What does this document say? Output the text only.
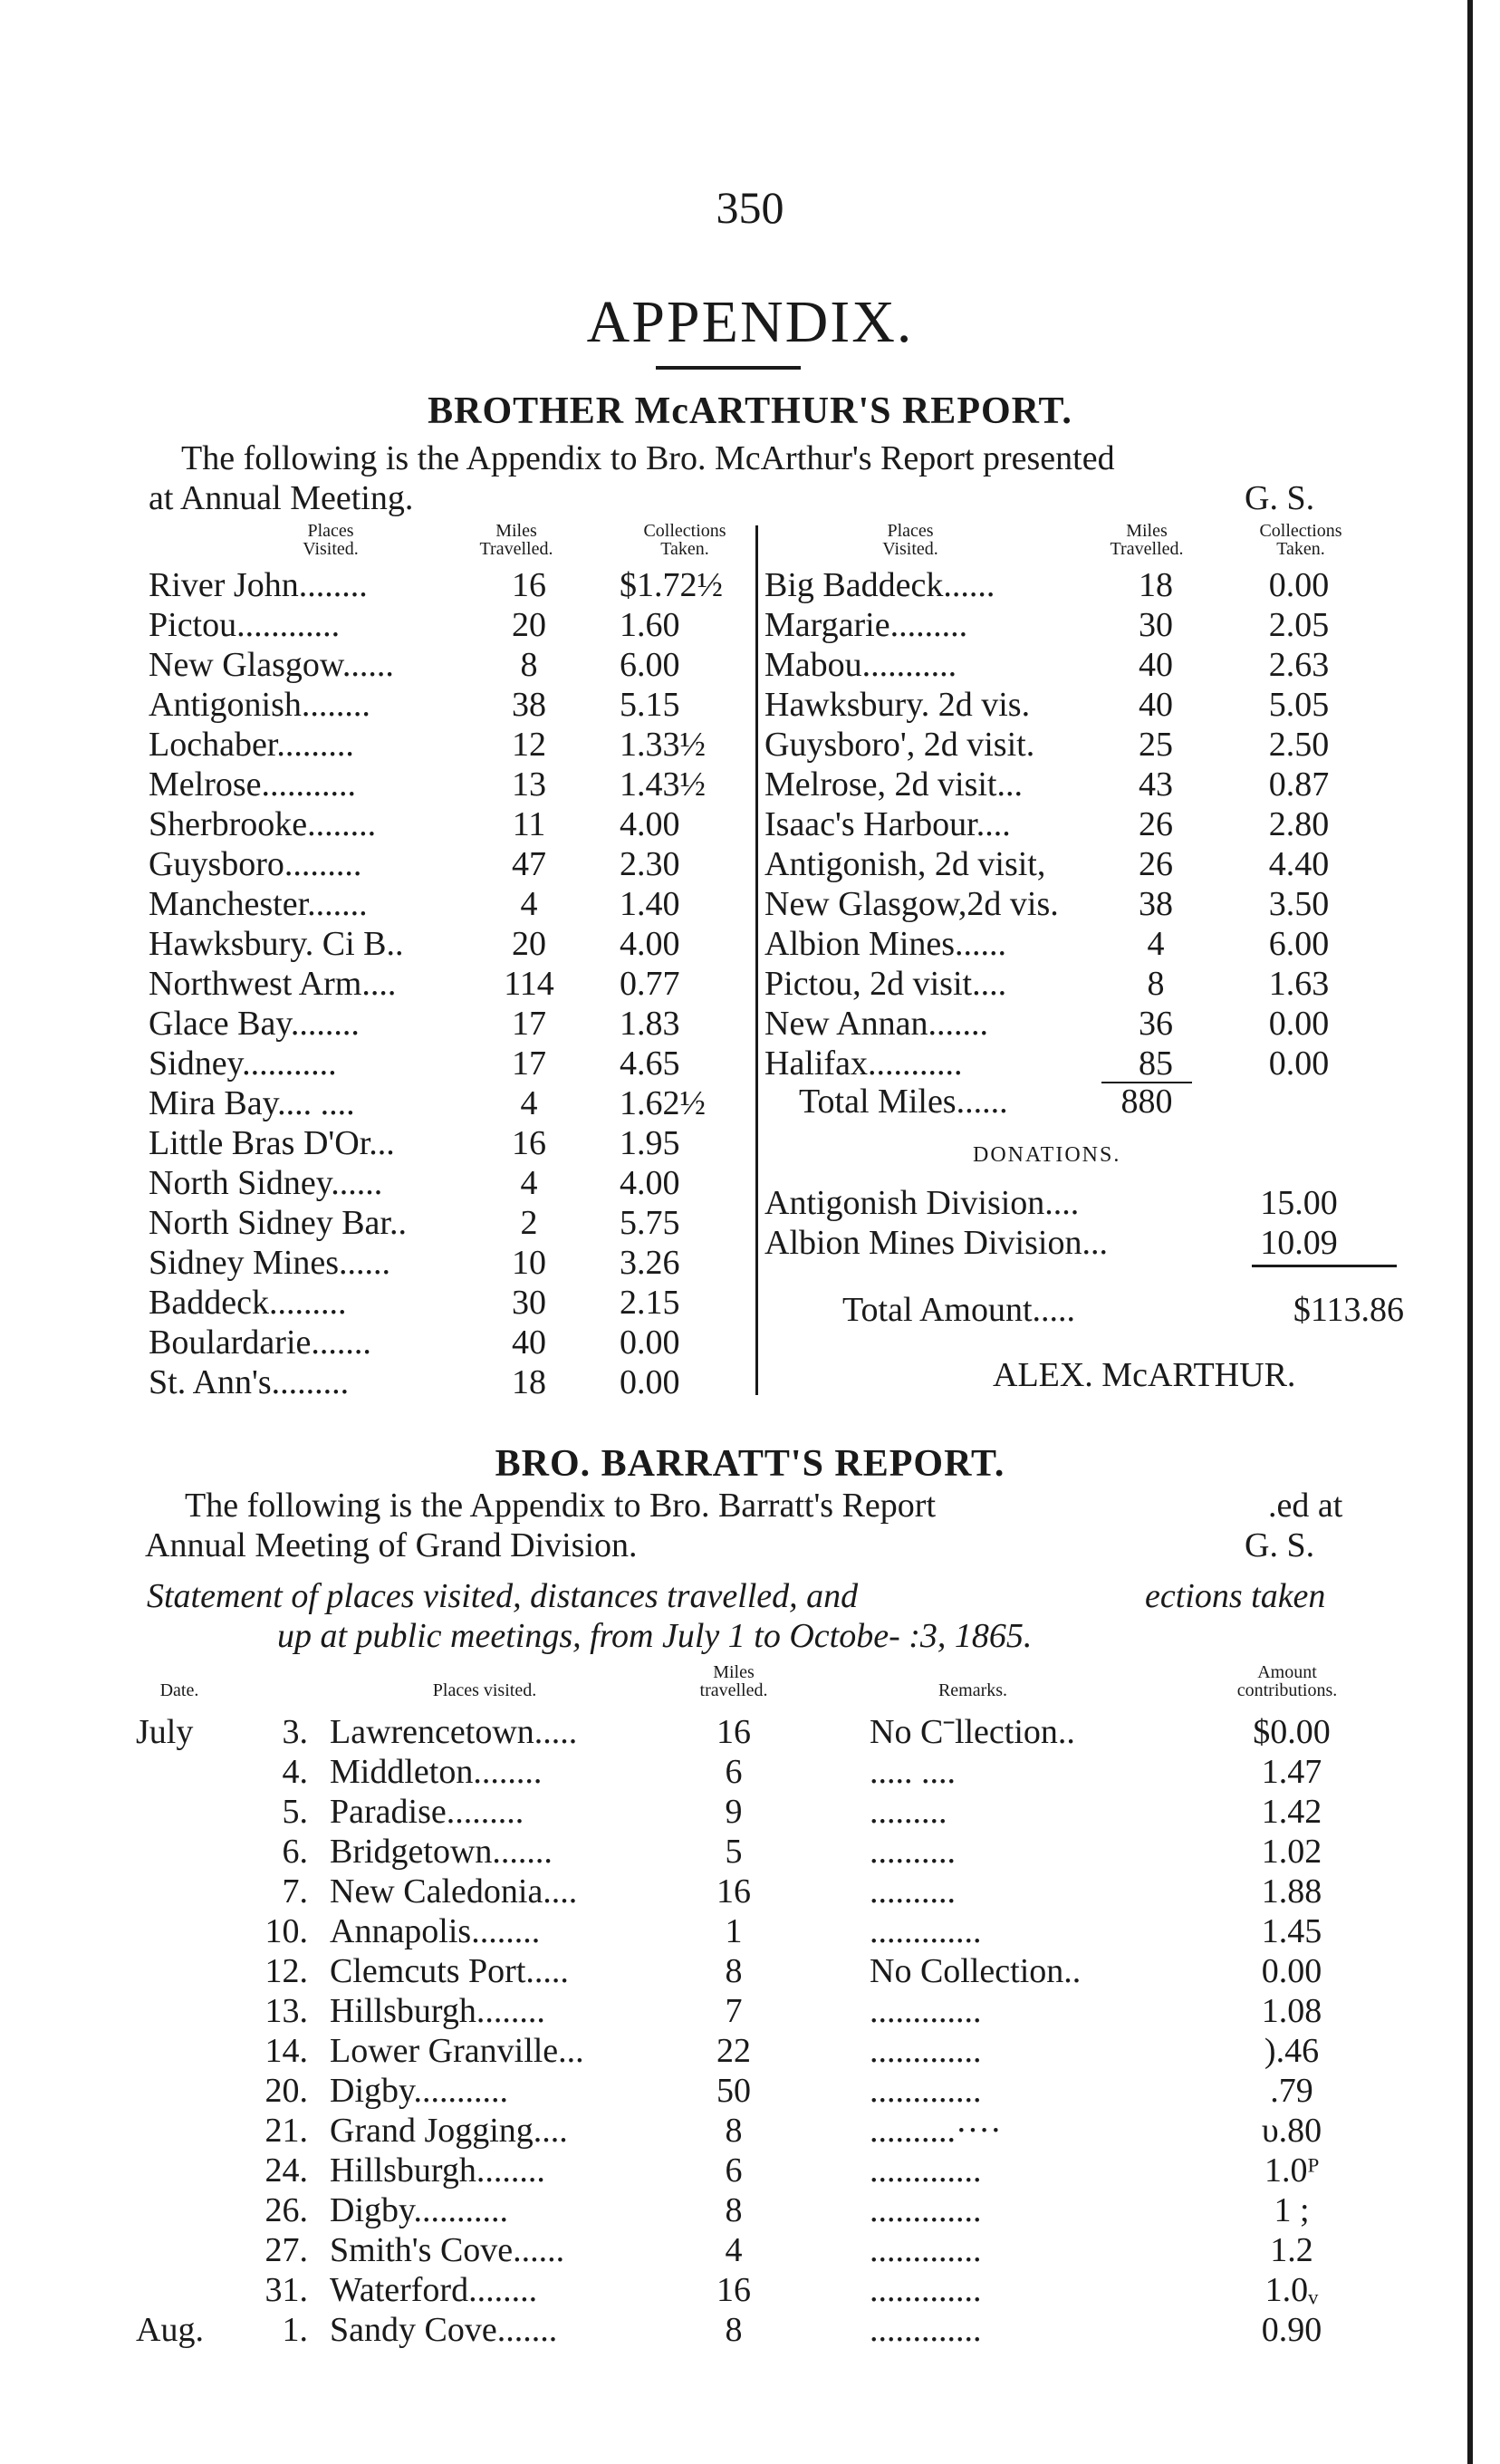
350
APPENDIX.
BROTHER McARTHUR'S REPORT.
The following is the Appendix to Bro. McArthur's Report presented
at Annual Meeting.	G. S.
Places
Visited.
Miles
Travelled.
Collections
Taken.
Places
Visited.
Miles
Travelled.
Collections
Taken.
River John........	16	$1.72½
Pictou............	20	1.60
New Glasgow......	8	6.00
Antigonish........	38	5.15
Lochaber.........	12	1.33½
Melrose...........	13	1.43½
Sherbrooke........	11	4.00
Guysboro.........	47	2.30
Manchester.......	4	1.40
Hawksbury. Ci B..	20	4.00
Northwest Arm....	114	0.77
Glace Bay........	17	1.83
Sidney...........	17	4.65
Mira Bay.... ....	4	1.62½
Little Bras D'Or...	16	1.95
North Sidney......	4	4.00
North Sidney Bar..	2	5.75
Sidney Mines......	10	3.26
Baddeck.........	30	2.15
Boulardarie.......	40	0.00
St. Ann's.........	18	0.00
Big Baddeck......	18	0.00
Margarie.........	30	2.05
Mabou...........	40	2.63
Hawksbury. 2d vis.	40	5.05
Guysboro', 2d visit.	25	2.50
Melrose, 2d visit...	43	0.87
Isaac's Harbour....	26	2.80
Antigonish, 2d visit,	26	4.40
New Glasgow,2d vis.	38	3.50
Albion Mines......	4	6.00
Pictou, 2d visit....	8	1.63
New Annan.......	36	0.00
Halifax...........	85	0.00
Total Miles......	880
DONATIONS.
Antigonish Division....	15.00
Albion Mines Division...	10.09
Total Amount.....	$113.86
ALEX. McARTHUR.
BRO. BARRATT'S REPORT.
The following is the Appendix to Bro. Barratt's Report	.ed at
Annual Meeting of Grand Division.	G. S.
Statement of places visited, distances travelled, and	ections taken
up at public meetings, from July 1 to Octobe- :3, 1865.
Date.	Places visited.
Miles
travelled.	Remarks.
Amount
contributions.
July	3. Lawrencetown.....	16	No Cˉllection..	$0.00
4. Middleton........	6	..... ....	1.47
5. Paradise.........	9	.........	1.42
6. Bridgetown.......	5	..........	1.02
7. New Caledonia....	16	..........	1.88
10. Annapolis........	1	.............	1.45
12. Clemcuts Port.....	8	No Collection..	0.00
13. Hillsburgh........	7	.............	1.08
14. Lower Granville...	22	.............	).46
20. Digby...........	50	.............	.79
21. Grand Jogging....	8	..........····	υ.80
24. Hillsburgh........	6	.............	1.0ᴾ
26. Digby...........	8	.............	1 ;
27. Smith's Cove......	4	.............	1.2
31. Waterford........	16	.............	1.0ᵥ
Aug.	1. Sandy Cove.......	8	.............	0.90
